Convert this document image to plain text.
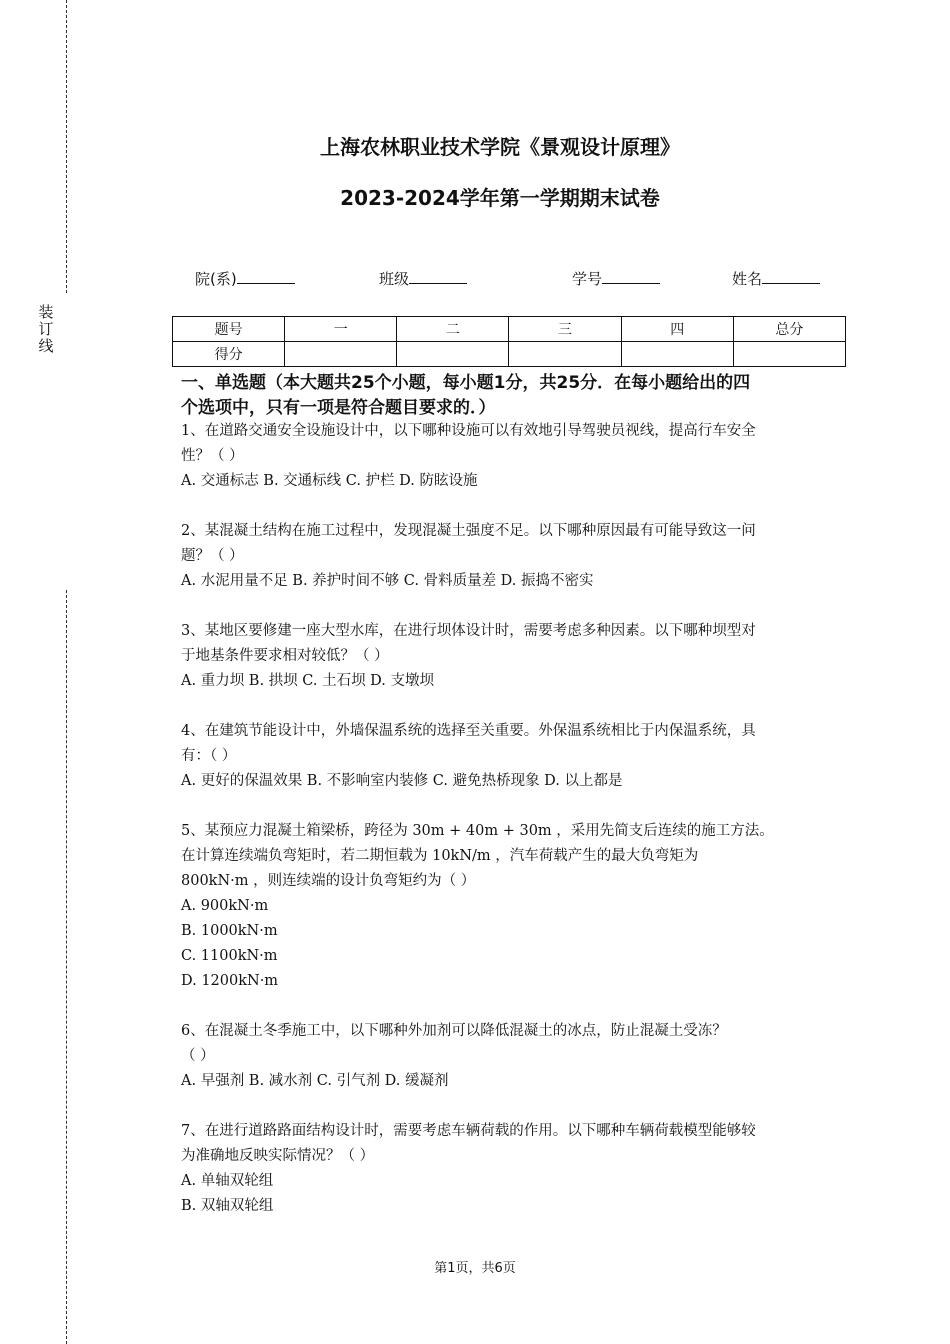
装
订
线
上海农林职业技术学院《景观设计原理》
2023-2024学年第一学期期末试卷
院(系)	班级	学号	姓名
题号	一	二	三	四	总分
得分					
一、单选题（本大题共25个小题，每小题1分，共25分．在每小题给出的四
个选项中，只有一项是符合题目要求的．）

1、在道路交通安全设施设计中，以下哪种设施可以有效地引导驾驶员视线，提高行车安全

性？（ ）

A. 交通标志 B. 交通标线 C. 护栏 D. 防眩设施

2、某混凝土结构在施工过程中，发现混凝土强度不足。以下哪种原因最有可能导致这一问

题？（ ）

A. 水泥用量不足 B. 养护时间不够 C. 骨料质量差 D. 振捣不密实

3、某地区要修建一座大型水库，在进行坝体设计时，需要考虑多种因素。以下哪种坝型对

于地基条件要求相对较低？（ ）

A. 重力坝 B. 拱坝 C. 土石坝 D. 支墩坝

4、在建筑节能设计中，外墙保温系统的选择至关重要。外保温系统相比于内保温系统，具

有：（ ）

A. 更好的保温效果 B. 不影响室内装修 C. 避免热桥现象 D. 以上都是

5、某预应力混凝土箱梁桥，跨径为 30m + 40m + 30m ，采用先简支后连续的施工方法。

在计算连续端负弯矩时，若二期恒载为 10kN/m ，汽车荷载产生的最大负弯矩为

800kN·m ，则连续端的设计负弯矩约为（ ）

A. 900kN·m

B. 1000kN·m

C. 1100kN·m

D. 1200kN·m

6、在混凝土冬季施工中，以下哪种外加剂可以降低混凝土的冰点，防止混凝土受冻？

（ ）

A. 早强剂 B. 减水剂 C. 引气剂 D. 缓凝剂

7、在进行道路路面结构设计时，需要考虑车辆荷载的作用。以下哪种车辆荷载模型能够较

为准确地反映实际情况？（ ）

A. 单轴双轮组

B. 双轴双轮组

第1页，共6页
